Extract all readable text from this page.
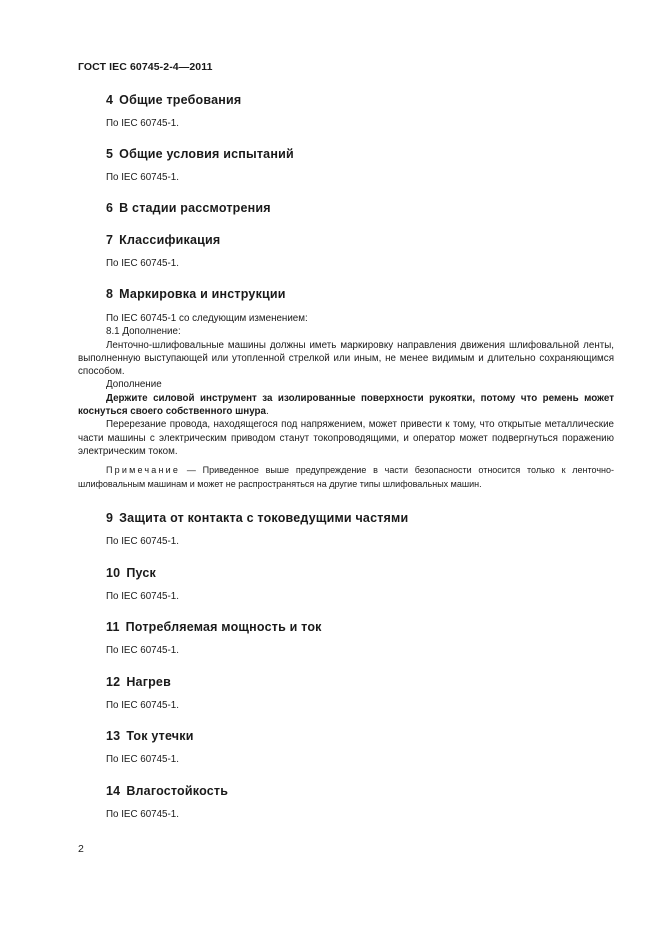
ГОСТ IEC 60745-2-4—2011
4 Общие требования
По IEC 60745-1.
5 Общие условия испытаний
По IEC 60745-1.
6 В стадии рассмотрения
7 Классификация
По IEC 60745-1.
8 Маркировка и инструкции

По IEC 60745-1 со следующим изменением:

8.1 Дополнение:

Ленточно-шлифовальные машины должны иметь маркировку направления движения шлифовальной ленты, выполненную выступающей или утопленной стрелкой или иным, не менее видимым и длительно сохраняющимся способом.

Дополнение

Держите силовой инструмент за изолированные поверхности рукоятки, потому что ремень может коснуться своего собственного шнура.

Перерезание провода, находящегося под напряжением, может привести к тому, что открытые металлические части машины с электрическим приводом станут токопроводящими, и оператор может подвергнуться поражению электрическим током.

Примечание — Приведенное выше предупреждение в части безопасности относится только к ленточно-шлифовальным машинам и может не распространяться на другие типы шлифовальных машин.
9 Защита от контакта с токоведущими частями
По IEC 60745-1.
10 Пуск
По IEC 60745-1.
11 Потребляемая мощность и ток
По IEC 60745-1.
12 Нагрев
По IEC 60745-1.
13 Ток утечки
По IEC 60745-1.
14 Влагостойкость
По IEC 60745-1.
2
